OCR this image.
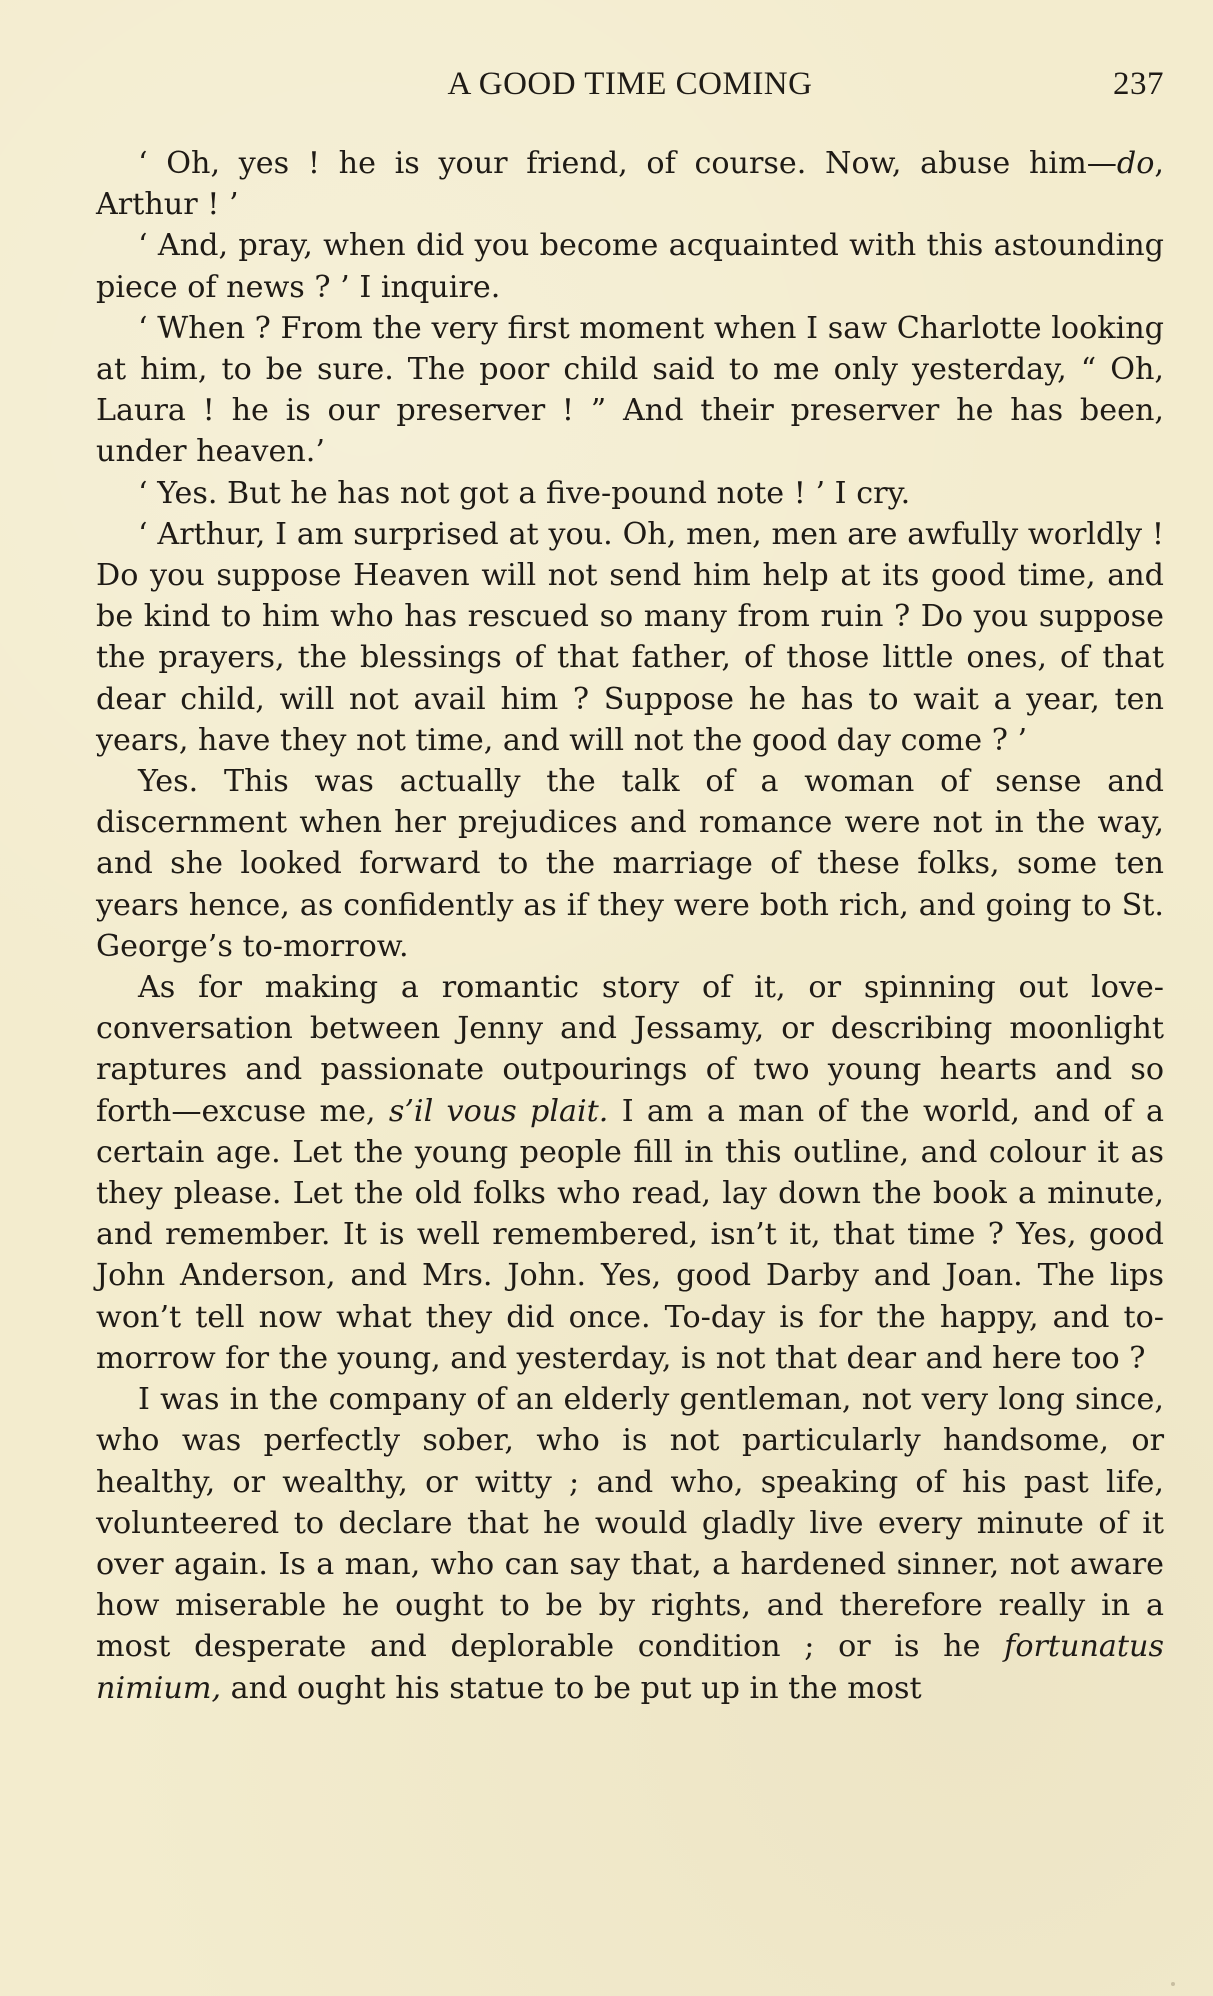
A GOOD TIME COMING	237

‘ Oh, yes ! he is your friend, of course. Now, abuse him—do, Arthur ! ’

‘ And, pray, when did you become acquainted with this astounding piece of news ? ’ I inquire.

‘ When ? From the very first moment when I saw Charlotte looking at him, to be sure. The poor child said to me only yesterday, “ Oh, Laura ! he is our preserver ! ” And their preserver he has been, under heaven.’

‘ Yes. But he has not got a five-pound note ! ’ I cry.

‘ Arthur, I am surprised at you. Oh, men, men are awfully worldly ! Do you suppose Heaven will not send him help at its good time, and be kind to him who has rescued so many from ruin ? Do you suppose the prayers, the blessings of that father, of those little ones, of that dear child, will not avail him ? Suppose he has to wait a year, ten years, have they not time, and will not the good day come ? ’

Yes. This was actually the talk of a woman of sense and discernment when her prejudices and romance were not in the way, and she looked forward to the marriage of these folks, some ten years hence, as confidently as if they were both rich, and going to St. George’s to-morrow.

As for making a romantic story of it, or spinning out love-conversation between Jenny and Jessamy, or describing moonlight raptures and passionate outpourings of two young hearts and so forth—excuse me, s’il vous plait. I am a man of the world, and of a certain age. Let the young people fill in this outline, and colour it as they please. Let the old folks who read, lay down the book a minute, and remember. It is well remembered, isn’t it, that time ? Yes, good John Anderson, and Mrs. John. Yes, good Darby and Joan. The lips won’t tell now what they did once. To-day is for the happy, and to-morrow for the young, and yesterday, is not that dear and here too ?

I was in the company of an elderly gentleman, not very long since, who was perfectly sober, who is not particularly handsome, or healthy, or wealthy, or witty ; and who, speaking of his past life, volunteered to declare that he would gladly live every minute of it over again. Is a man, who can say that, a hardened sinner, not aware how miserable he ought to be by rights, and therefore really in a most desperate and deplorable condition ; or is he fortunatus nimium, and ought his statue to be put up in the most
